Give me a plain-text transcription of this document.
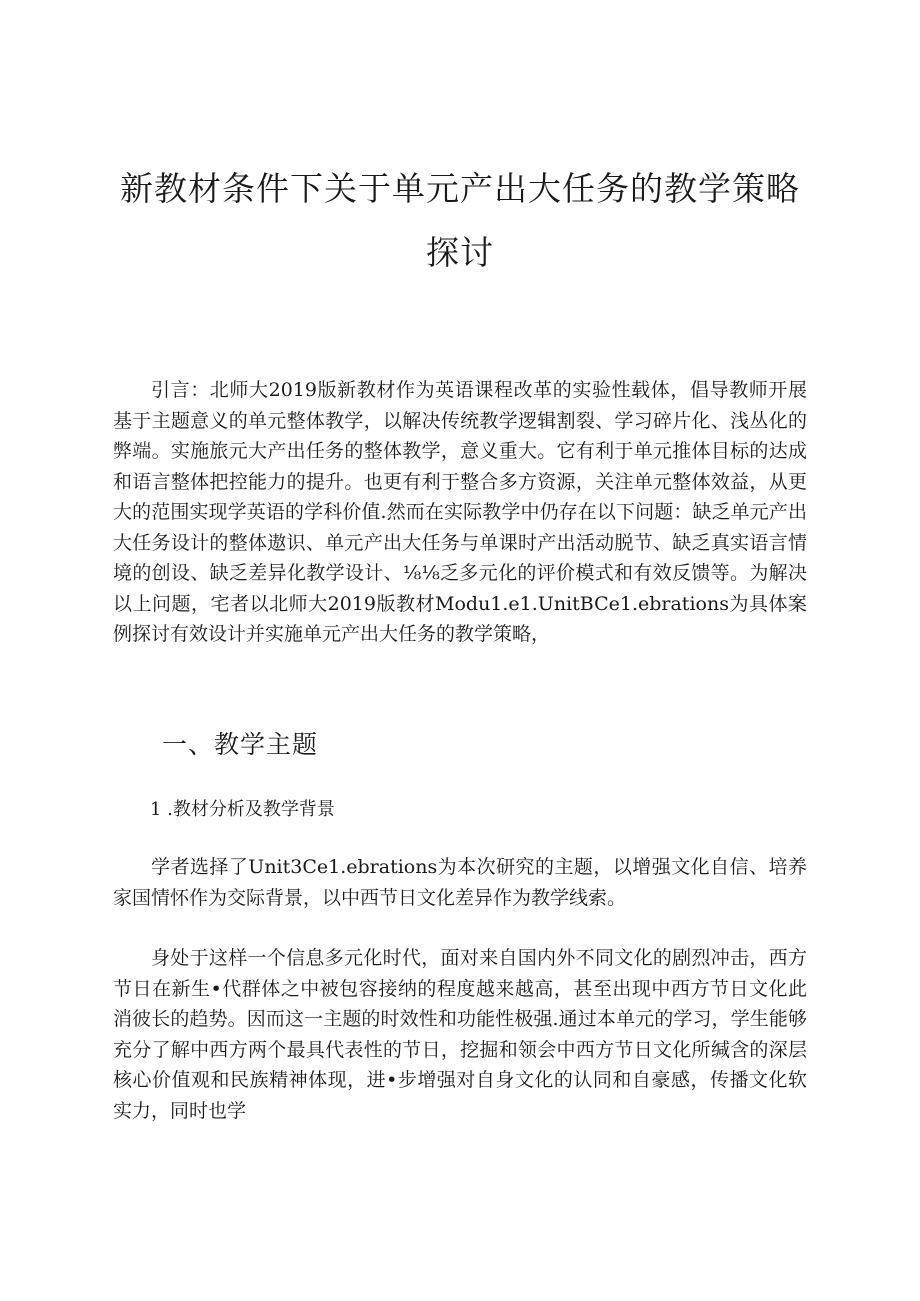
新教材条件下关于单元产出大任务的教学策略
探讨

引言：北师大2019版新教材作为英语课程改革的实验性载体，倡导教师开展基于主题意义的单元整体教学，以解决传统教学逻辑割裂、学习碎片化、浅丛化的弊端。实施旅元大产出任务的整体教学，意义重大。它有利于单元推体目标的达成和语言整体把控能力的提升。也更有利于整合多方资源，关注单元整体效益，从更大的范围实现学英语的学科价值.然而在实际教学中仍存在以下问题：缺乏单元产出大任务设计的整体遨识、单元产出大任务与单课时产出活动脱节、缺乏真实语言情境的创设、缺乏差异化教学设计、⅛⅛乏多元化的评价模式和有效反馈等。为解决以上问题，宅者以北师大2019版教材Modu1.e1.UnitBCe1.ebrations为具体案例探讨有效设计并实施单元产出大任务的教学策略，

一、教学主题
1 .教材分析及教学背景

学者选择了Unit3Ce1.ebrations为本次研究的主题，以增强文化自信、培养家国情怀作为交际背景，以中西节日文化差异作为教学线索。

身处于这样一个信息多元化时代，面对来自国内外不同文化的剧烈冲击，西方节日在新生•代群体之中被包容接纳的程度越来越高，甚至出现中西方节日文化此消彼长的趋势。因而这一主题的时效性和功能性极强.通过本单元的学习，学生能够充分了解中西方两个最具代表性的节日，挖掘和领会中西方节日文化所缄含的深层核心价值观和民族精神体现，进•步增强对自身文化的认同和自豪感，传播文化软实力，同时也学
